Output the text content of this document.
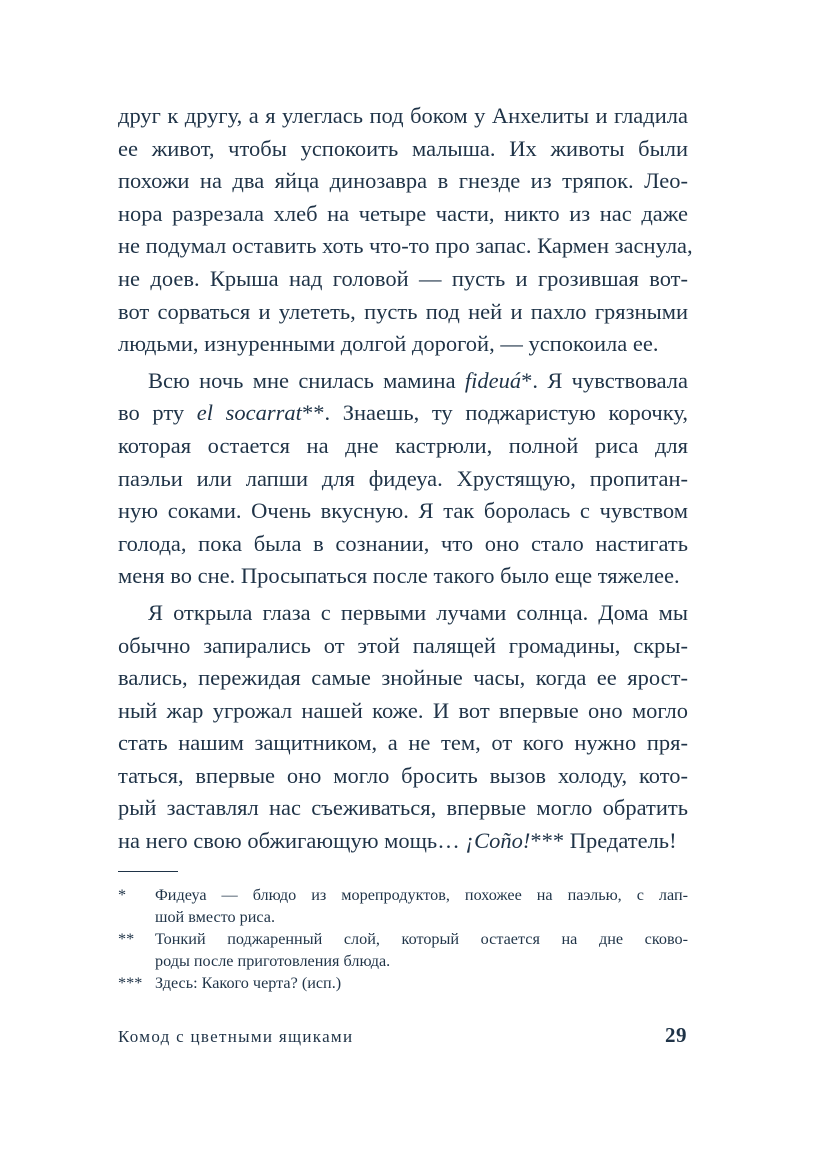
друг к другу, а я улеглась под боком у Анхелиты и гладила
ее живот, чтобы успокоить малыша. Их животы были
похожи на два яйца динозавра в гнезде из тряпок. Лео-
нора разрезала хлеб на четыре части, никто из нас даже
не подумал оставить хоть что-то про запас. Кармен заснула,
не доев. Крыша над головой — пусть и грозившая вот-
вот сорваться и улететь, пусть под ней и пахло грязными
людьми, изнуренными долгой дорогой, — успокоила ее.
Всю ночь мне снилась мамина fideuá*. Я чувствовала
во рту el socarrat**. Знаешь, ту поджаристую корочку,
которая остается на дне кастрюли, полной риса для
паэльи или лапши для фидеуа. Хрустящую, пропитан-
ную соками. Очень вкусную. Я так боролась с чувством
голода, пока была в сознании, что оно стало настигать
меня во сне. Просыпаться после такого было еще тяжелее.
Я открыла глаза с первыми лучами солнца. Дома мы
обычно запирались от этой палящей громадины, скры-
вались, пережидая самые знойные часы, когда ее ярост-
ный жар угрожал нашей коже. И вот впервые оно могло
стать нашим защитником, а не тем, от кого нужно пря-
таться, впервые оно могло бросить вызов холоду, кото-
рый заставлял нас съеживаться, впервые могло обратить
на него свою обжигающую мощь… ¡Coño!*** Предатель!
* Фидеуа — блюдо из морепродуктов, похожее на паэлью, с лап-
шой вместо риса.
** Тонкий поджаренный слой, который остается на дне сково-
роды после приготовления блюда.
*** Здесь: Какого черта? (исп.)
Комод с цветными ящиками	29
